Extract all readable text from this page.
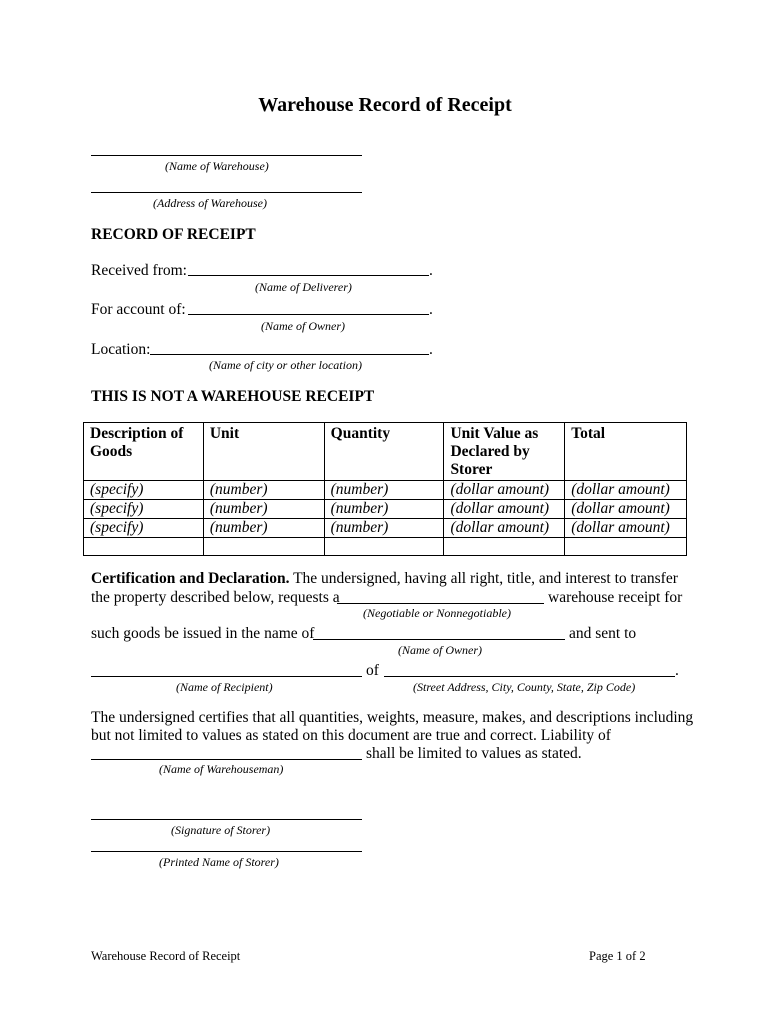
Warehouse Record of Receipt
(Name of Warehouse)
(Address of Warehouse)
RECORD OF RECEIPT
Received from:	.
(Name of Deliverer)
For account of:	.
(Name of Owner)
Location:	.
(Name of city or other location)
THIS IS NOT A WAREHOUSE RECEIPT
Description of Goods	Unit	Quantity	Unit Value as Declared by Storer	Total
(specify)	(number)	(number)	(dollar amount)	(dollar amount)
(specify)	(number)	(number)	(dollar amount)	(dollar amount)
(specify)	(number)	(number)	(dollar amount)	(dollar amount)

Certification and Declaration. The undersigned, having all right, title, and interest to transfer
the property described below, requests a	warehouse receipt for
(Negotiable or Nonnegotiable)
such goods be issued in the name of	and sent to
(Name of Owner)
of	.
(Name of Recipient)	(Street Address, City, County, State, Zip Code)
The undersigned certifies that all quantities, weights, measure, makes, and descriptions including
but not limited to values as stated on this document are true and correct. Liability of
shall be limited to values as stated.
(Name of Warehouseman)
(Signature of Storer)
(Printed Name of Storer)
Warehouse Record of Receipt	Page 1 of 2
